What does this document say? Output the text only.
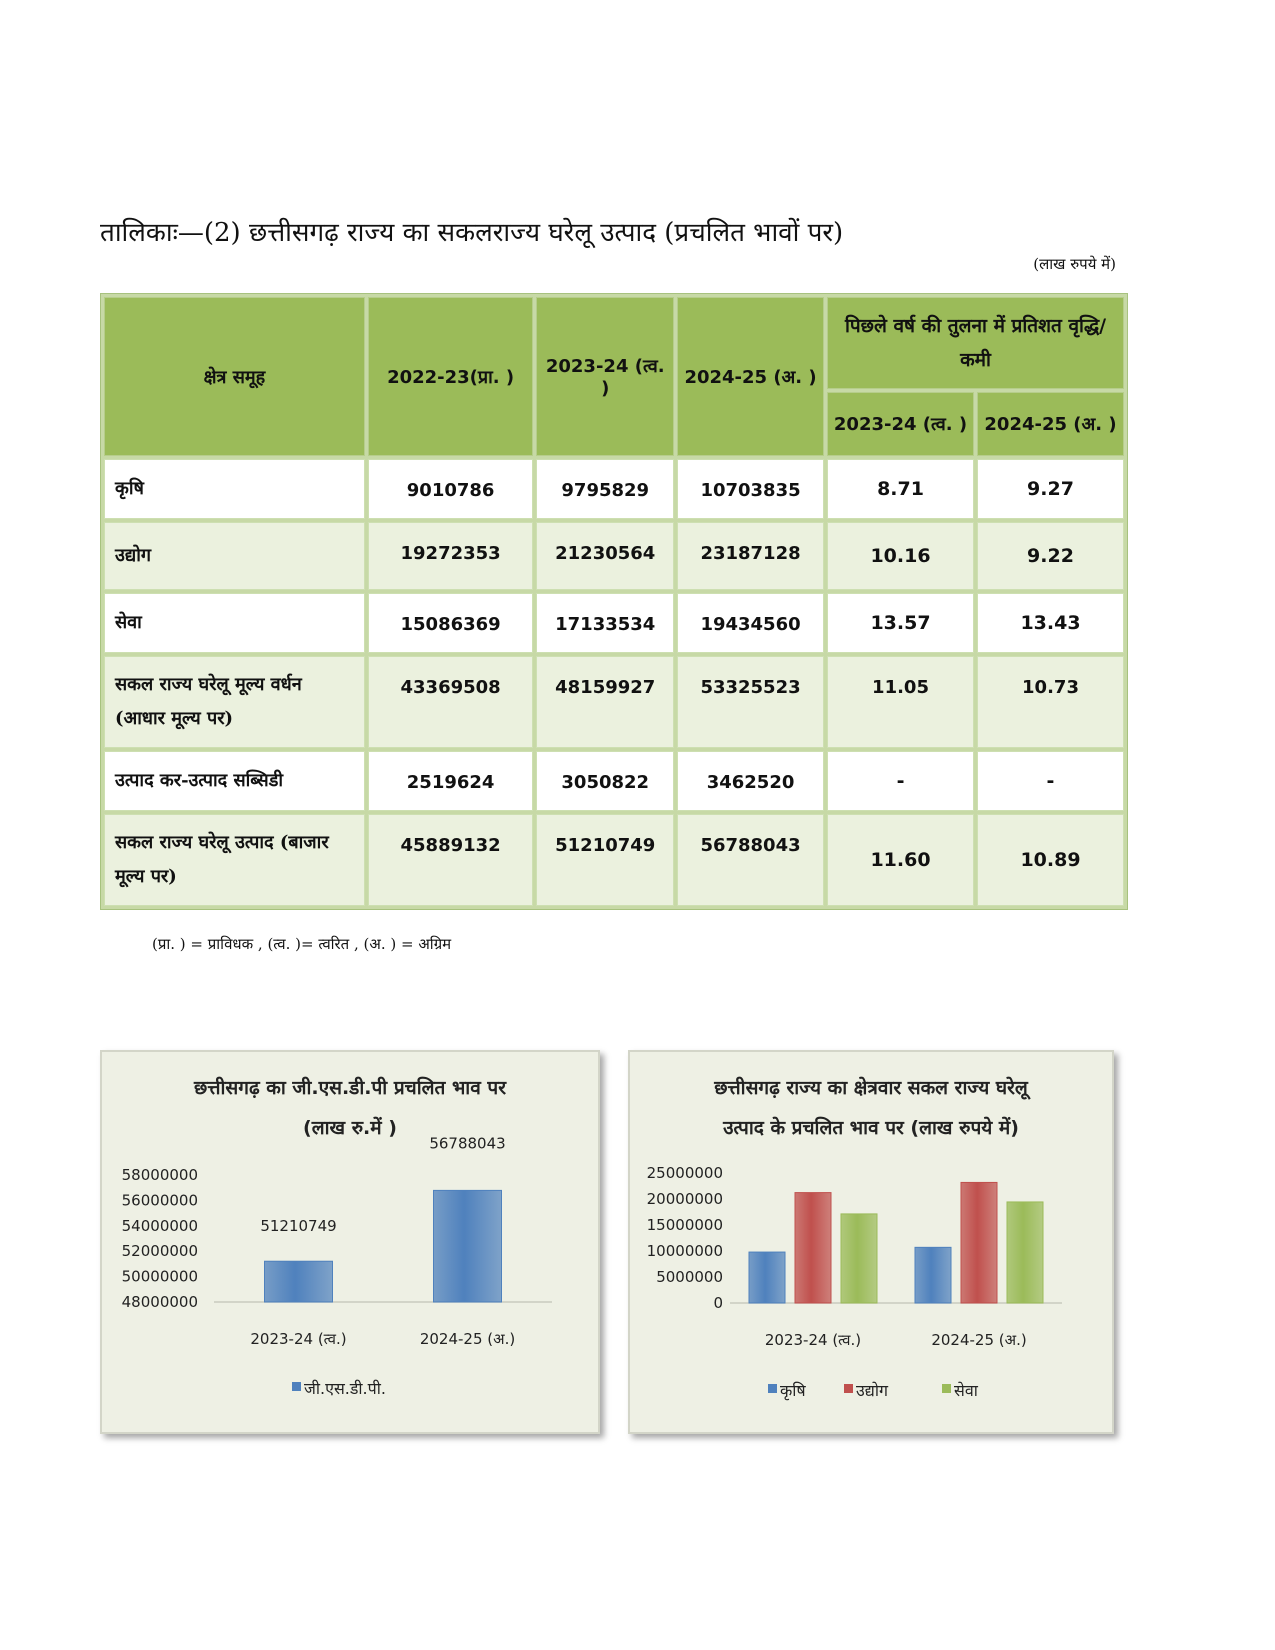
तालिकाः—(2) छत्तीसगढ़ राज्य का सकलराज्य घरेलू उत्पाद (प्रचलित भावों पर)
(लाख रुपये में)
क्षेत्र समूह	2022-23(प्रा. )	2023-24 (त्व. )	2024-25 (अ. )	पिछले वर्ष की तुलना में प्रतिशत वृद्धि/कमी	
				2023-24 (त्व. )	2024-25 (अ. )
कृषि	9010786	9795829	10703835	8.71	9.27
उद्योग	19272353	21230564	23187128	10.16	9.22
सेवा	15086369	17133534	19434560	13.57	13.43
सकल राज्य घरेलू मूल्य वर्धन (आधार मूल्य पर)	43369508	48159927	53325523	11.05	10.73
उत्पाद कर-उत्पाद सब्सिडी	2519624	3050822	3462520	-	-
सकल राज्य घरेलू उत्पाद (बाजार मूल्य पर)	45889132	51210749	56788043	11.60	10.89
(प्रा. ) = प्राविधक , (त्व. )= त्वरित , (अ. ) = अग्रिम
छत्तीसगढ़ का जी.एस.डी.पी प्रचलित भाव पर
(लाख रु.में )
48000000
50000000
52000000
54000000
56000000
58000000
51210749
2023-24 (त्व.)
56788043
2024-25 (अ.)
जी.एस.डी.पी.
छत्तीसगढ़ राज्य का क्षेत्रवार सकल राज्य घरेलू
उत्पाद के प्रचलित भाव पर (लाख रुपये में)
0
5000000
10000000
15000000
20000000
25000000
2023-24 (त्व.)	2024-25 (अ.)
कृषि	उद्योग	सेवा
